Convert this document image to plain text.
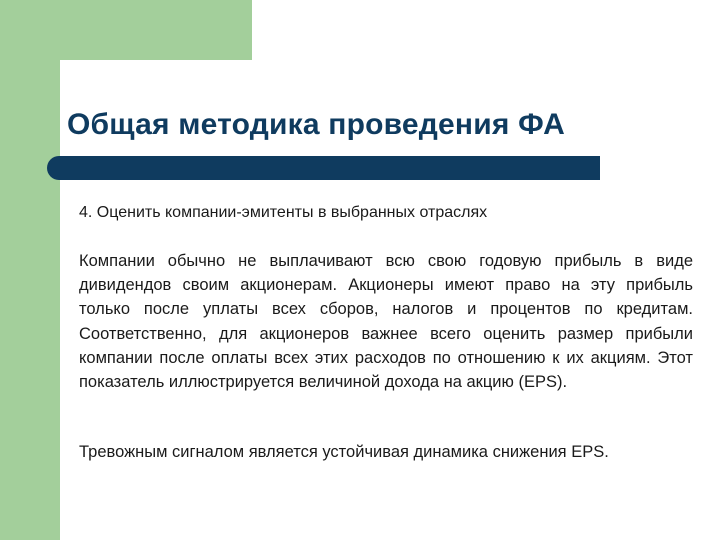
Общая методика проведения ФА

4. Оценить компании-эмитенты в выбранных отраслях

Компании обычно не выплачивают всю свою годовую прибыль в виде дивидендов своим акционерам. Акционеры имеют право на эту прибыль только после уплаты всех сборов, налогов и процентов по кредитам. Соответственно, для акционеров важнее всего оценить размер прибыли компании после оплаты всех этих расходов по отношению к их акциям. Этот показатель иллюстрируется величиной дохода на акцию (EPS).

Тревожным сигналом является устойчивая динамика снижения EPS.
